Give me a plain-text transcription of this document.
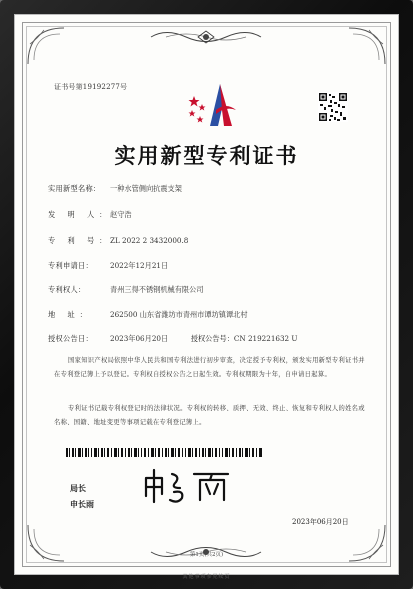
证书号第19192277号
实用新型专利证书
实用新型名称： 一种水管侧向抗震支架
发 明 人：赵守浩
专 利 号：ZL 2022 2 3432000.8
专利申请日： 2022年12月21日
专利权人：	青州三得不锈钢机械有限公司
地 址：	262500 山东省潍坊市青州市谭坊镇谭北村
授权公告日： 2023年06月20日	授权公告号：CN 219221632 U
国家知识产权局依照中华人民共和国专利法进行初步审查，决定授予专利权，颁发实用新型专利证书并在专利登记簿上予以登记。专利权自授权公告之日起生效。专利权期限为十年，自申请日起算。
专利证书记载专利权登记时的法律状况。专利权的转移、质押、无效、终止、恢复和专利权人的姓名或名称、国籍、地址变更等事项记载在专利登记簿上。
局长
申长雨
2023年06月20日
第1页(共2页)
其他事项参见续页
